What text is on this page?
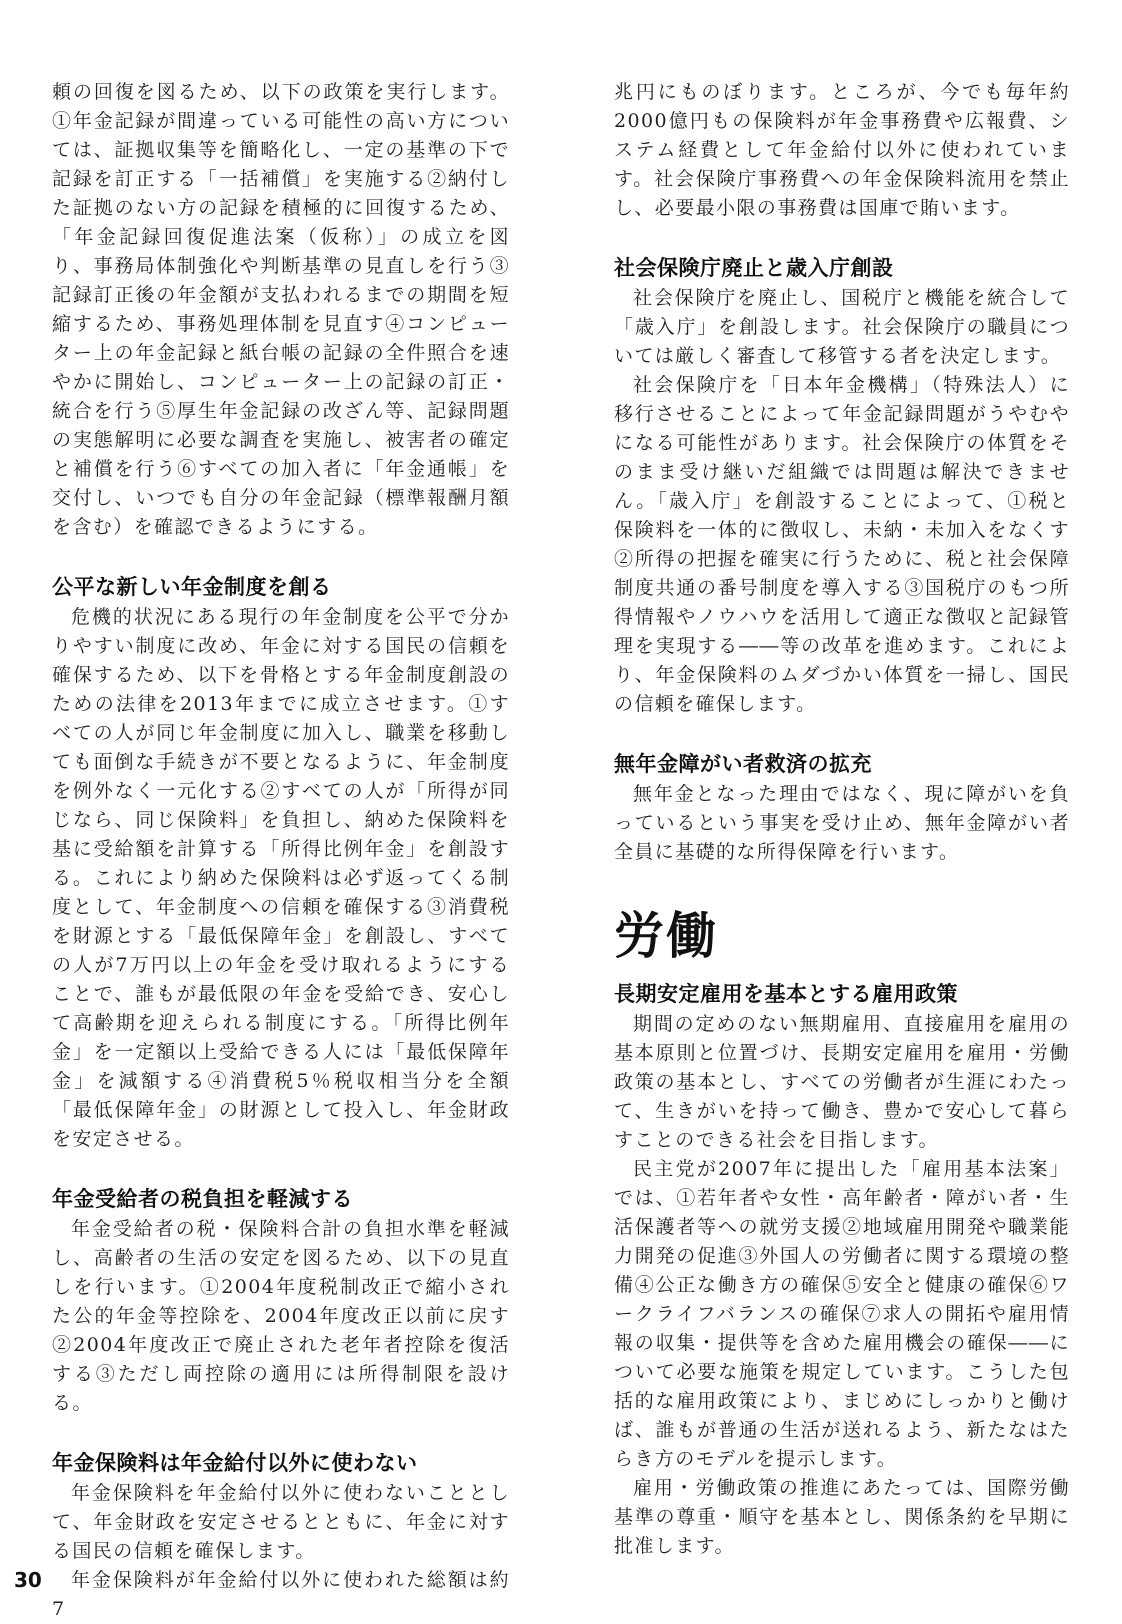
頼の回復を図るため、以下の政策を実行します。①年金記録が間違っている可能性の高い方については、証拠収集等を簡略化し、一定の基準の下で記録を訂正する「一括補償」を実施する②納付した証拠のない方の記録を積極的に回復するため、「年金記録回復促進法案（仮称）」の成立を図り、事務局体制強化や判断基準の見直しを行う③記録訂正後の年金額が支払われるまでの期間を短縮するため、事務処理体制を見直す④コンピューター上の年金記録と紙台帳の記録の全件照合を速やかに開始し、コンピューター上の記録の訂正・統合を行う⑤厚生年金記録の改ざん等、記録問題の実態解明に必要な調査を実施し、被害者の確定と補償を行う⑥すべての加入者に「年金通帳」を交付し、いつでも自分の年金記録（標準報酬月額を含む）を確認できるようにする。

公平な新しい年金制度を創る

危機的状況にある現行の年金制度を公平で分かりやすい制度に改め、年金に対する国民の信頼を確保するため、以下を骨格とする年金制度創設のための法律を2013年までに成立させます。①すべての人が同じ年金制度に加入し、職業を移動しても面倒な手続きが不要となるように、年金制度を例外なく一元化する②すべての人が「所得が同じなら、同じ保険料」を負担し、納めた保険料を基に受給額を計算する「所得比例年金」を創設する。これにより納めた保険料は必ず返ってくる制度として、年金制度への信頼を確保する③消費税を財源とする「最低保障年金」を創設し、すべての人が7万円以上の年金を受け取れるようにすることで、誰もが最低限の年金を受給でき、安心して高齢期を迎えられる制度にする。「所得比例年金」を一定額以上受給できる人には「最低保障年金」を減額する④消費税5％税収相当分を全額「最低保障年金」の財源として投入し、年金財政を安定させる。

年金受給者の税負担を軽減する

年金受給者の税・保険料合計の負担水準を軽減し、高齢者の生活の安定を図るため、以下の見直しを行います。①2004年度税制改正で縮小された公的年金等控除を、2004年度改正以前に戻す②2004年度改正で廃止された老年者控除を復活する③ただし両控除の適用には所得制限を設ける。

年金保険料は年金給付以外に使わない

年金保険料を年金給付以外に使わないこととして、年金財政を安定させるとともに、年金に対する国民の信頼を確保します。

年金保険料が年金給付以外に使われた総額は約7

兆円にものぼります。ところが、今でも毎年約2000億円もの保険料が年金事務費や広報費、システム経費として年金給付以外に使われています。社会保険庁事務費への年金保険料流用を禁止し、必要最小限の事務費は国庫で賄います。

社会保険庁廃止と歳入庁創設

社会保険庁を廃止し、国税庁と機能を統合して「歳入庁」を創設します。社会保険庁の職員については厳しく審査して移管する者を決定します。

社会保険庁を「日本年金機構」（特殊法人）に移行させることによって年金記録問題がうやむやになる可能性があります。社会保険庁の体質をそのまま受け継いだ組織では問題は解決できません。「歳入庁」を創設することによって、①税と保険料を一体的に徴収し、未納・未加入をなくす②所得の把握を確実に行うために、税と社会保障制度共通の番号制度を導入する③国税庁のもつ所得情報やノウハウを活用して適正な徴収と記録管理を実現する――等の改革を進めます。これにより、年金保険料のムダづかい体質を一掃し、国民の信頼を確保します。

無年金障がい者救済の拡充

無年金となった理由ではなく、現に障がいを負っているという事実を受け止め、無年金障がい者全員に基礎的な所得保障を行います。

労働
長期安定雇用を基本とする雇用政策

期間の定めのない無期雇用、直接雇用を雇用の基本原則と位置づけ、長期安定雇用を雇用・労働政策の基本とし、すべての労働者が生涯にわたって、生きがいを持って働き、豊かで安心して暮らすことのできる社会を目指します。

民主党が2007年に提出した「雇用基本法案」では、①若年者や女性・高年齢者・障がい者・生活保護者等への就労支援②地域雇用開発や職業能力開発の促進③外国人の労働者に関する環境の整備④公正な働き方の確保⑤安全と健康の確保⑥ワークライフバランスの確保⑦求人の開拓や雇用情報の収集・提供等を含めた雇用機会の確保――について必要な施策を規定しています。こうした包括的な雇用政策により、まじめにしっかりと働けば、誰もが普通の生活が送れるよう、新たなはたらき方のモデルを提示します。

雇用・労働政策の推進にあたっては、国際労働基準の尊重・順守を基本とし、関係条約を早期に批准します。

30
